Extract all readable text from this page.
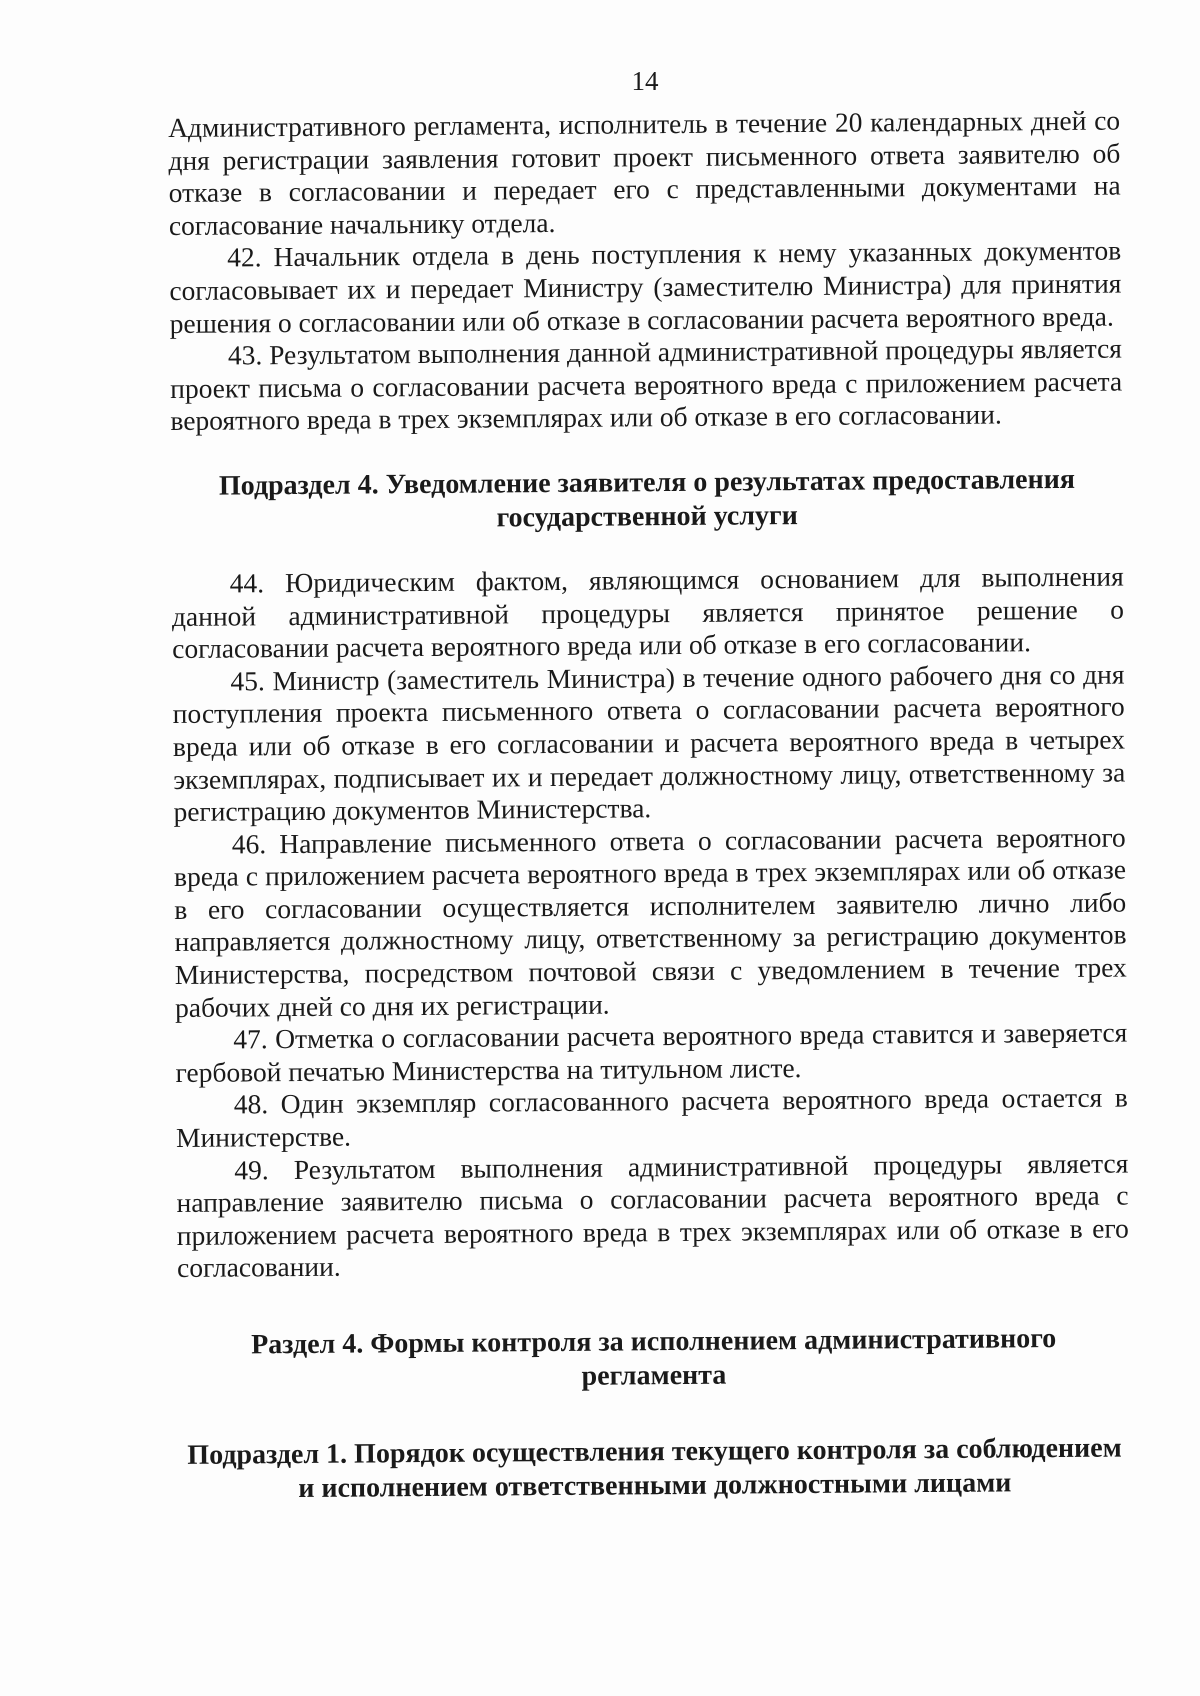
14

Административного регламента, исполнитель в течение 20 календарных дней со дня регистрации заявления готовит проект письменного ответа заявителю об отказе в согласовании и передает его с представленными документами на согласование начальнику отдела.

42. Начальник отдела в день поступления к нему указанных документов согласовывает их и передает Министру (заместителю Министра) для принятия решения о согласовании или об отказе в согласовании расчета вероятного вреда.

43. Результатом выполнения данной административной процедуры является проект письма о согласовании расчета вероятного вреда с приложением расчета вероятного вреда в трех экземплярах или об отказе в его согласовании.

Подраздел 4. Уведомление заявителя о результатах предоставления государственной услуги

44. Юридическим фактом, являющимся основанием для выполнения данной административной процедуры является принятое решение о согласовании расчета вероятного вреда или об отказе в его согласовании.

45. Министр (заместитель Министра) в течение одного рабочего дня со дня поступления проекта письменного ответа о согласовании расчета вероятного вреда или об отказе в его согласовании и расчета вероятного вреда в четырех экземплярах, подписывает их и передает должностному лицу, ответственному за регистрацию документов Министерства.

46. Направление письменного ответа о согласовании расчета вероятного вреда с приложением расчета вероятного вреда в трех экземплярах или об отказе в его согласовании осуществляется исполнителем заявителю лично либо направляется должностному лицу, ответственному за регистрацию документов Министерства, посредством почтовой связи с уведомлением в течение трех рабочих дней со дня их регистрации.

47. Отметка о согласовании расчета вероятного вреда ставится и заверяется гербовой печатью Министерства на титульном листе.

48. Один экземпляр согласованного расчета вероятного вреда остается в Министерстве.

49. Результатом выполнения административной процедуры является направление заявителю письма о согласовании расчета вероятного вреда с приложением расчета вероятного вреда в трех экземплярах или об отказе в его согласовании.

Раздел 4. Формы контроля за исполнением административного регламента
Подраздел 1. Порядок осуществления текущего контроля за соблюдением и исполнением ответственными должностными лицами
